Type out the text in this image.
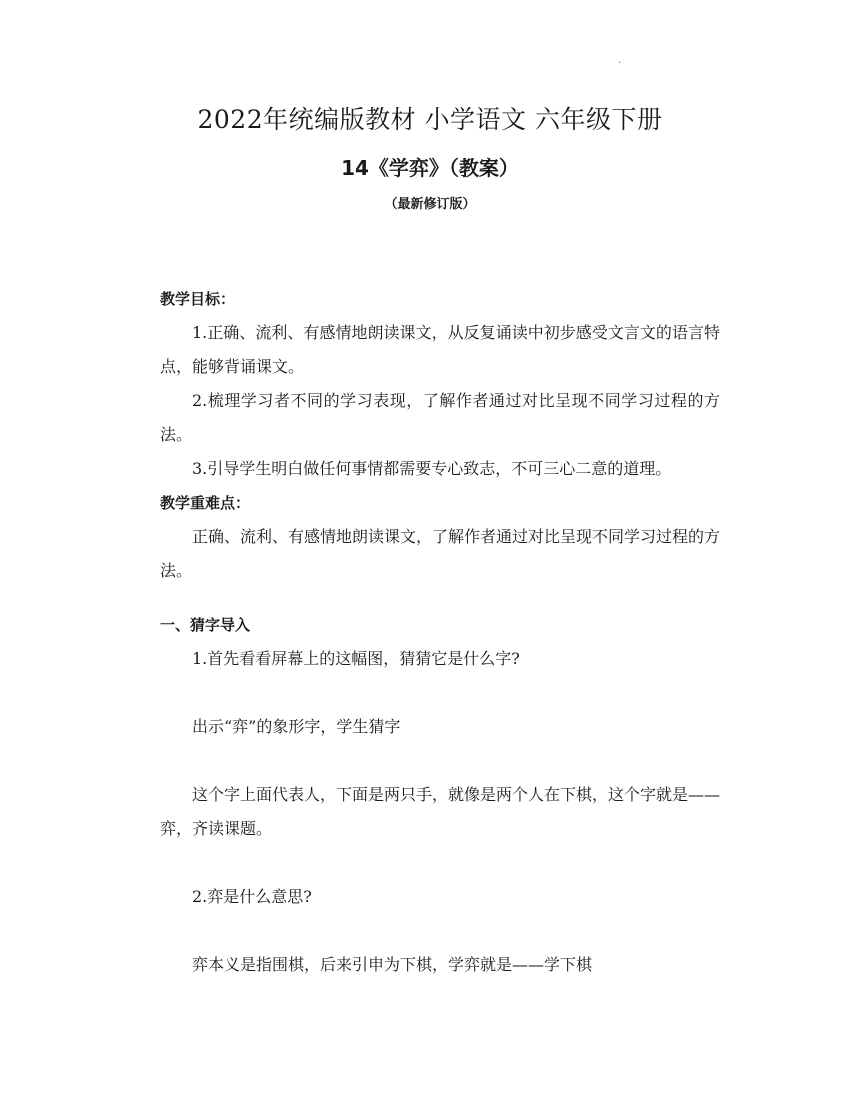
.
2022年统编版教材 小学语文 六年级下册
14《学弈》（教案）
（最新修订版）

教学目标：

1.正确、流利、有感情地朗读课文，从反复诵读中初步感受文言文的语言特点，能够背诵课文。

2.梳理学习者不同的学习表现，了解作者通过对比呈现不同学习过程的方法。

3.引导学生明白做任何事情都需要专心致志，不可三心二意的道理。

教学重难点：

正确、流利、有感情地朗读课文，了解作者通过对比呈现不同学习过程的方法。

一、猜字导入

1.首先看看屏幕上的这幅图，猜猜它是什么字?

出示“弈”的象形字，学生猜字

这个字上面代表人，下面是两只手，就像是两个人在下棋，这个字就是——弈，齐读课题。

2.弈是什么意思?

弈本义是指围棋，后来引申为下棋，学弈就是——学下棋
